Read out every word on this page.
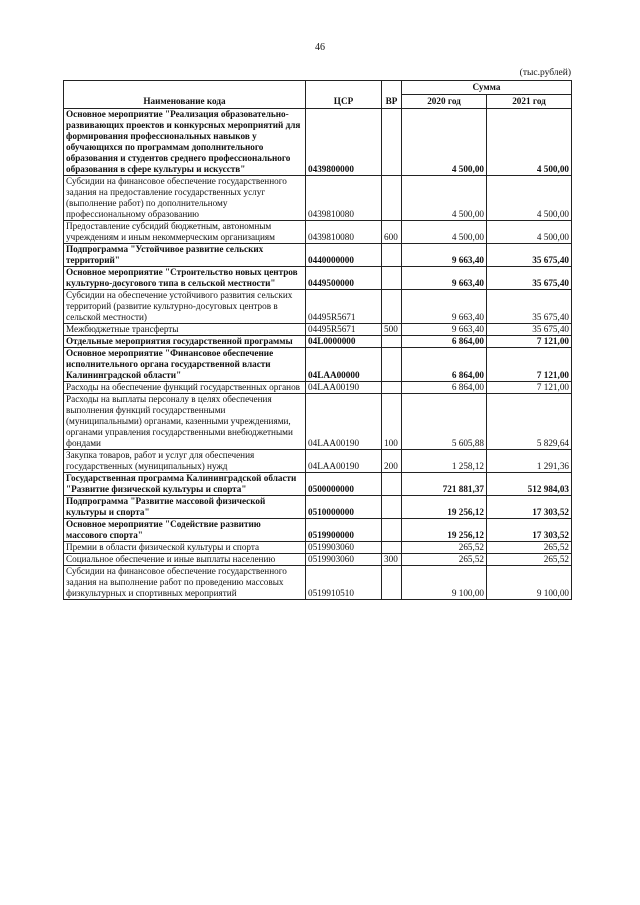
46
(тыс.рублей)
Наименование кода	ЦСР	ВР	Сумма	
			2020 год	2021 год
Основное мероприятие "Реализация образовательно-развивающих проектов и конкурсных мероприятий для формирования профессиональных навыков у обучающихся по программам дополнительного образования и студентов среднего профессионального образования в сфере культуры и искусств"	0439800000		4 500,00	4 500,00
Субсидии на финансовое обеспечение государственного задания на предоставление государственных услуг (выполнение работ) по дополнительному профессиональному образованию	0439810080		4 500,00	4 500,00
Предоставление субсидий бюджетным, автономным учреждениям и иным некоммерческим организациям	0439810080	600	4 500,00	4 500,00
Подпрограмма "Устойчивое развитие сельских территорий"	0440000000		9 663,40	35 675,40
Основное мероприятие "Строительство новых центров культурно-досугового типа в сельской местности"	0449500000		9 663,40	35 675,40
Субсидии на обеспечение устойчивого развития сельских территорий (развитие культурно-досуговых центров в сельской местности)	04495R5671		9 663,40	35 675,40
Межбюджетные трансферты	04495R5671	500	9 663,40	35 675,40
Отдельные мероприятия государственной программы	04L0000000		6 864,00	7 121,00
Основное мероприятие "Финансовое обеспечение исполнительного органа государственной власти Калининградской области"	04LAA00000		6 864,00	7 121,00
Расходы на обеспечение функций государственных органов	04LAA00190		6 864,00	7 121,00
Расходы на выплаты персоналу в целях обеспечения выполнения функций государственными (муниципальными) органами, казенными учреждениями, органами управления государственными внебюджетными фондами	04LAA00190	100	5 605,88	5 829,64
Закупка товаров, работ и услуг для обеспечения государственных (муниципальных) нужд	04LAA00190	200	1 258,12	1 291,36
Государственная программа Калининградской области "Развитие физической культуры и спорта"	0500000000		721 881,37	512 984,03
Подпрограмма "Развитие массовой физической культуры и спорта"	0510000000		19 256,12	17 303,52
Основное мероприятие "Содействие развитию массового спорта"	0519900000		19 256,12	17 303,52
Премии в области физической культуры и спорта	0519903060		265,52	265,52
Социальное обеспечение и иные выплаты населению	0519903060	300	265,52	265,52
Субсидии на финансовое обеспечение государственного задания на выполнение работ по проведению массовых физкультурных и спортивных мероприятий	0519910510		9 100,00	9 100,00
